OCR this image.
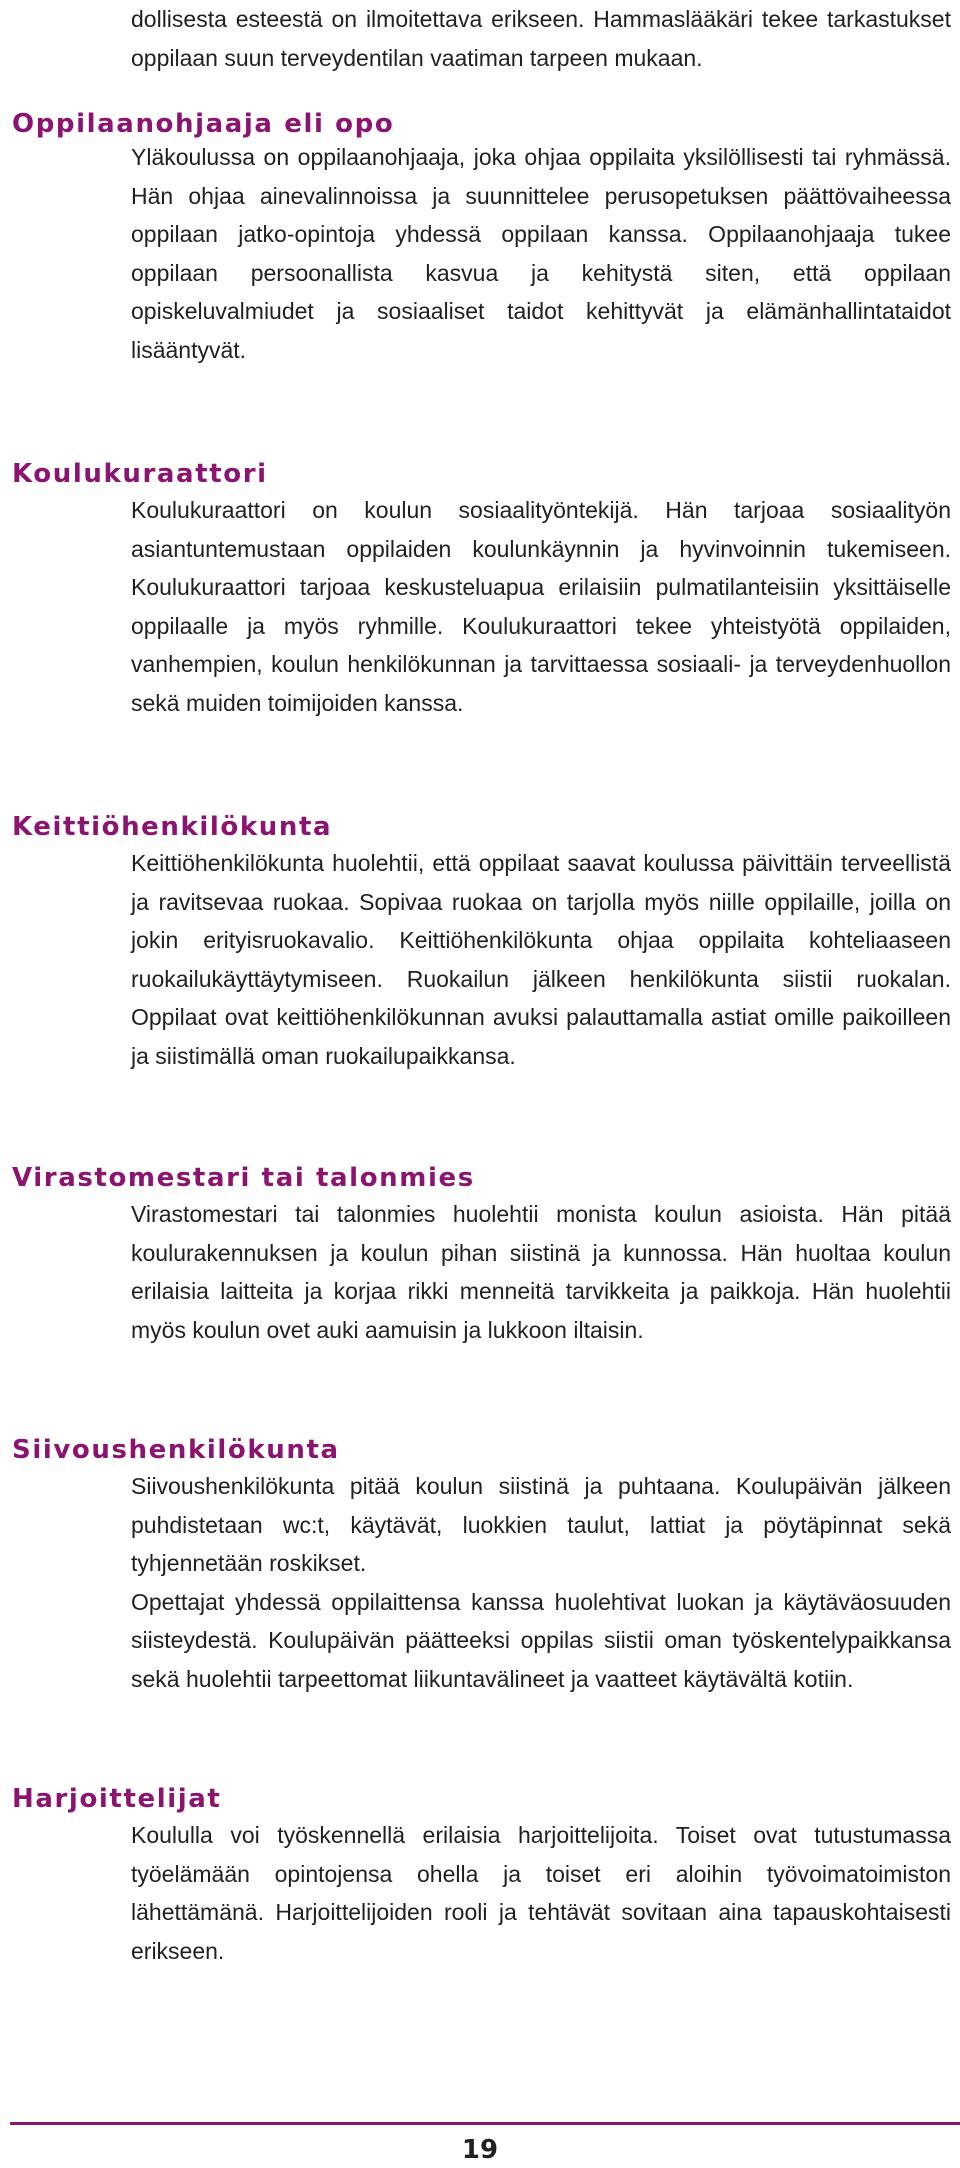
dollisesta esteestä on ilmoitettava erikseen. Hammaslääkäri tekee tarkastukset oppilaan suun terveydentilan vaatiman tarpeen mukaan.

Oppilaanohjaaja eli opo

Yläkoulussa on oppilaanohjaaja, joka ohjaa oppilaita yksilöllisesti tai ryhmässä. Hän ohjaa ainevalinnoissa ja suunnittelee perusopetuksen päättövaiheessa oppilaan jatko-opintoja yhdessä oppilaan kanssa. Oppilaanohjaaja tukee oppilaan persoonallista kasvua ja kehitystä siten, että oppilaan opiskeluvalmiudet ja sosiaaliset taidot kehittyvät ja elämänhallintataidot lisääntyvät.

Koulukuraattori

Koulukuraattori on koulun sosiaalityöntekijä. Hän tarjoaa sosiaalityön asiantuntemustaan oppilaiden koulunkäynnin ja hyvinvoinnin tukemiseen. Koulukuraattori tarjoaa keskusteluapua erilaisiin pulmatilanteisiin yksittäiselle oppilaalle ja myös ryhmille. Koulukuraattori tekee yhteistyötä oppilaiden, vanhempien, koulun henkilökunnan ja tarvittaessa sosiaali- ja terveydenhuollon sekä muiden toimijoiden kanssa.

Keittiöhenkilökunta

Keittiöhenkilökunta huolehtii, että oppilaat saavat koulussa päivittäin terveellistä ja ravitsevaa ruokaa. Sopivaa ruokaa on tarjolla myös niille oppilaille, joilla on jokin erityisruokavalio. Keittiöhenkilökunta ohjaa oppilaita kohteliaaseen ruokailukäyttäytymiseen. Ruokailun jälkeen henkilökunta siistii ruokalan. Oppilaat ovat keittiöhenkilökunnan avuksi palauttamalla astiat omille paikoilleen ja siistimällä oman ruokailupaikkansa.

Virastomestari tai talonmies

Virastomestari tai talonmies huolehtii monista koulun asioista. Hän pitää koulurakennuksen ja koulun pihan siistinä ja kunnossa. Hän huoltaa koulun erilaisia laitteita ja korjaa rikki menneitä tarvikkeita ja paikkoja. Hän huolehtii myös koulun ovet auki aamuisin ja lukkoon iltaisin.

Siivoushenkilökunta

Siivoushenkilökunta pitää koulun siistinä ja puhtaana. Koulupäivän jälkeen puhdistetaan wc:t, käytävät, luokkien taulut, lattiat ja pöytäpinnat sekä tyhjennetään roskikset.

Opettajat yhdessä oppilaittensa kanssa huolehtivat luokan ja käytäväosuuden siisteydestä. Koulupäivän päätteeksi oppilas siistii oman työskentelypaikkansa sekä huolehtii tarpeettomat liikuntavälineet ja vaatteet käytävältä kotiin.

Harjoittelijat

Koululla voi työskennellä erilaisia harjoittelijoita. Toiset ovat tutustumassa työelämään opintojensa ohella ja toiset eri aloihin työvoimatoimiston lähettämänä. Harjoittelijoiden rooli ja tehtävät sovitaan aina tapauskohtaisesti erikseen.

19
